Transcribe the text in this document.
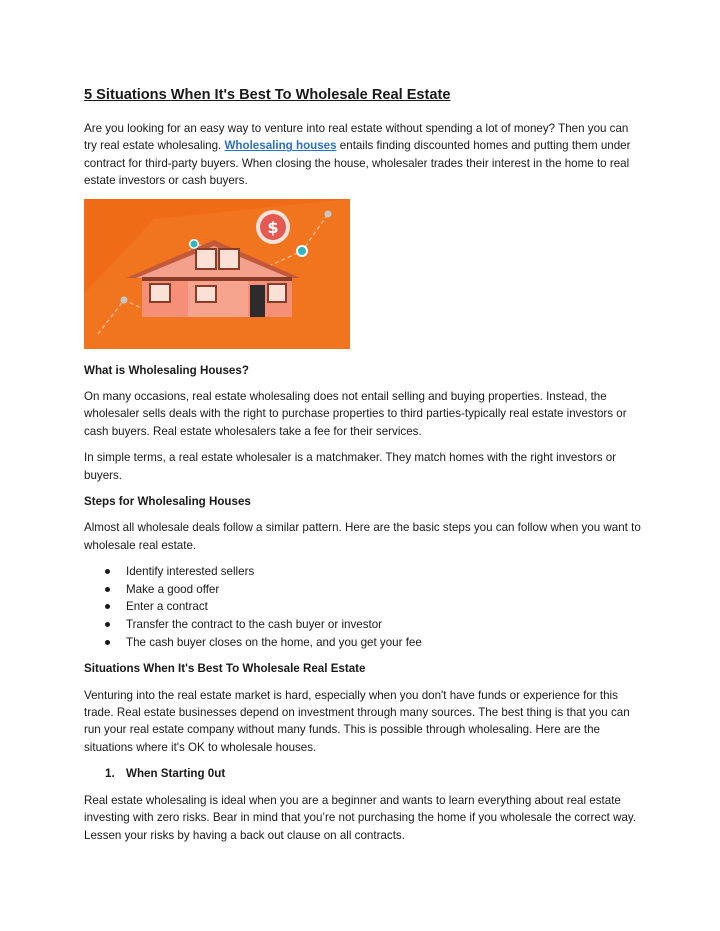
5 Situations When It's Best To Wholesale Real Estate

Are you looking for an easy way to venture into real estate without spending a lot of money? Then you can try real estate wholesaling. Wholesaling houses entails finding discounted homes and putting them under contract for third-party buyers. When closing the house, wholesaler trades their interest in the home to real estate investors or cash buyers.

$
What is Wholesaling Houses?

On many occasions, real estate wholesaling does not entail selling and buying properties. Instead, the wholesaler sells deals with the right to purchase properties to third parties-typically real estate investors or cash buyers. Real estate wholesalers take a fee for their services.

In simple terms, a real estate wholesaler is a matchmaker. They match homes with the right investors or buyers.

Steps for Wholesaling Houses

Almost all wholesale deals follow a similar pattern. Here are the basic steps you can follow when you want to wholesale real estate.

Identify interested sellers
Make a good offer
Enter a contract
Transfer the contract to the cash buyer or investor
The cash buyer closes on the home, and you get your fee
Situations When It's Best To Wholesale Real Estate

Venturing into the real estate market is hard, especially when you don't have funds or experience for this trade. Real estate businesses depend on investment through many sources. The best thing is that you can run your real estate company without many funds. This is possible through wholesaling. Here are the situations where it's OK to wholesale houses.

1. When Starting 0ut

Real estate wholesaling is ideal when you are a beginner and wants to learn everything about real estate investing with zero risks. Bear in mind that you’re not purchasing the home if you wholesale the correct way. Lessen your risks by having a back out clause on all contracts.
